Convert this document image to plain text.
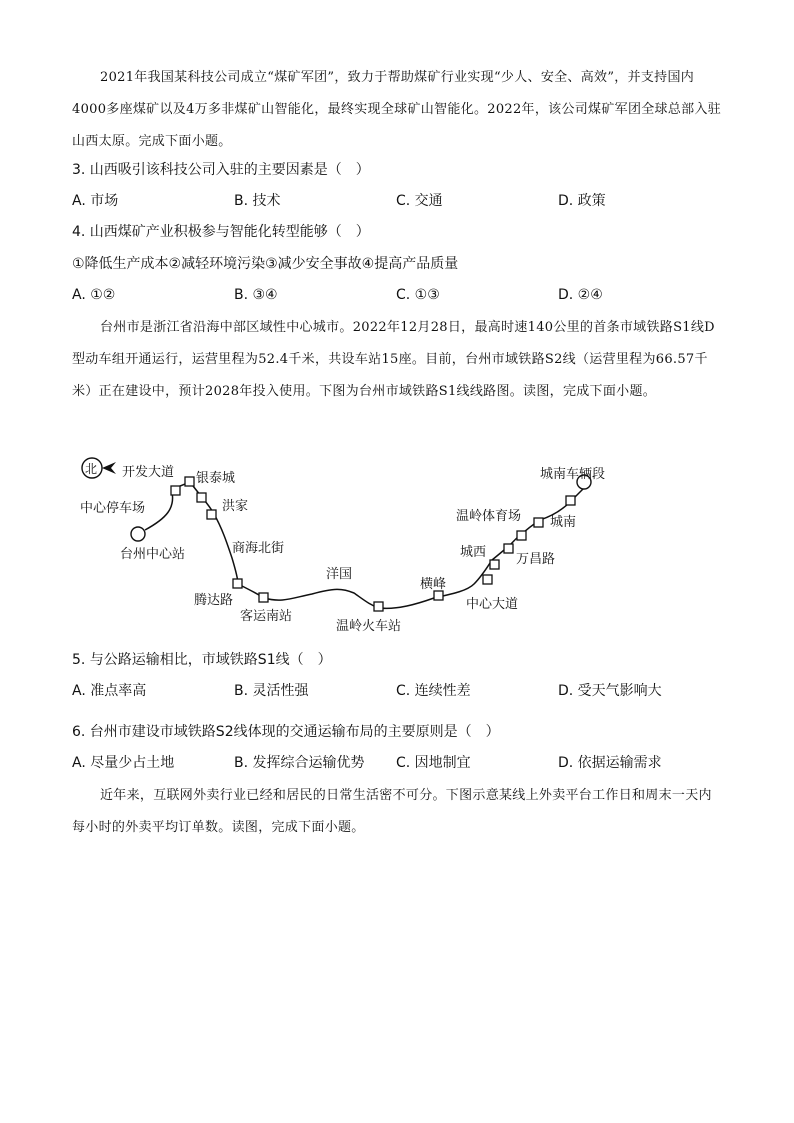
2021年我国某科技公司成立“煤矿军团”，致力于帮助煤矿行业实现“少人、安全、高效”，并支持国内4000多座煤矿以及4万多非煤矿山智能化，最终实现全球矿山智能化。2022年，该公司煤矿军团全球总部入驻山西太原。完成下面小题。

3. 山西吸引该科技公司入驻的主要因素是（　）

A. 市场	B. 技术	C. 交通	D. 政策

4. 山西煤矿产业积极参与智能化转型能够（　）

①降低生产成本②减轻环境污染③减少安全事故④提高产品质量

A. ①②	B. ③④	C. ①③	D. ②④

台州市是浙江省沿海中部区域性中心城市。2022年12月28日，最高时速140公里的首条市域铁路S1线D型动车组开通运行，运营里程为52.4千米，共设车站15座。目前，台州市域铁路S2线（运营里程为66.57千米）正在建设中，预计2028年投入使用。下图为台州市域铁路S1线线路图。读图，完成下面小题。

北 开发大道 银泰城
中心停车场	洪家
台州中心站	商海北街
腾达路
客运南站
洋国
温岭火车站
横峰
中心大道
城西 万昌路
温岭体育场 城南
城南车辆段

5. 与公路运输相比，市域铁路S1线（　）

A. 准点率高	B. 灵活性强	C. 连续性差	D. 受天气影响大

6. 台州市建设市域铁路S2线体现的交通运输布局的主要原则是（　）

A. 尽量少占土地	B. 发挥综合运输优势 C. 因地制宜	D. 依据运输需求

近年来，互联网外卖行业已经和居民的日常生活密不可分。下图示意某线上外卖平台工作日和周末一天内每小时的外卖平均订单数。读图，完成下面小题。
